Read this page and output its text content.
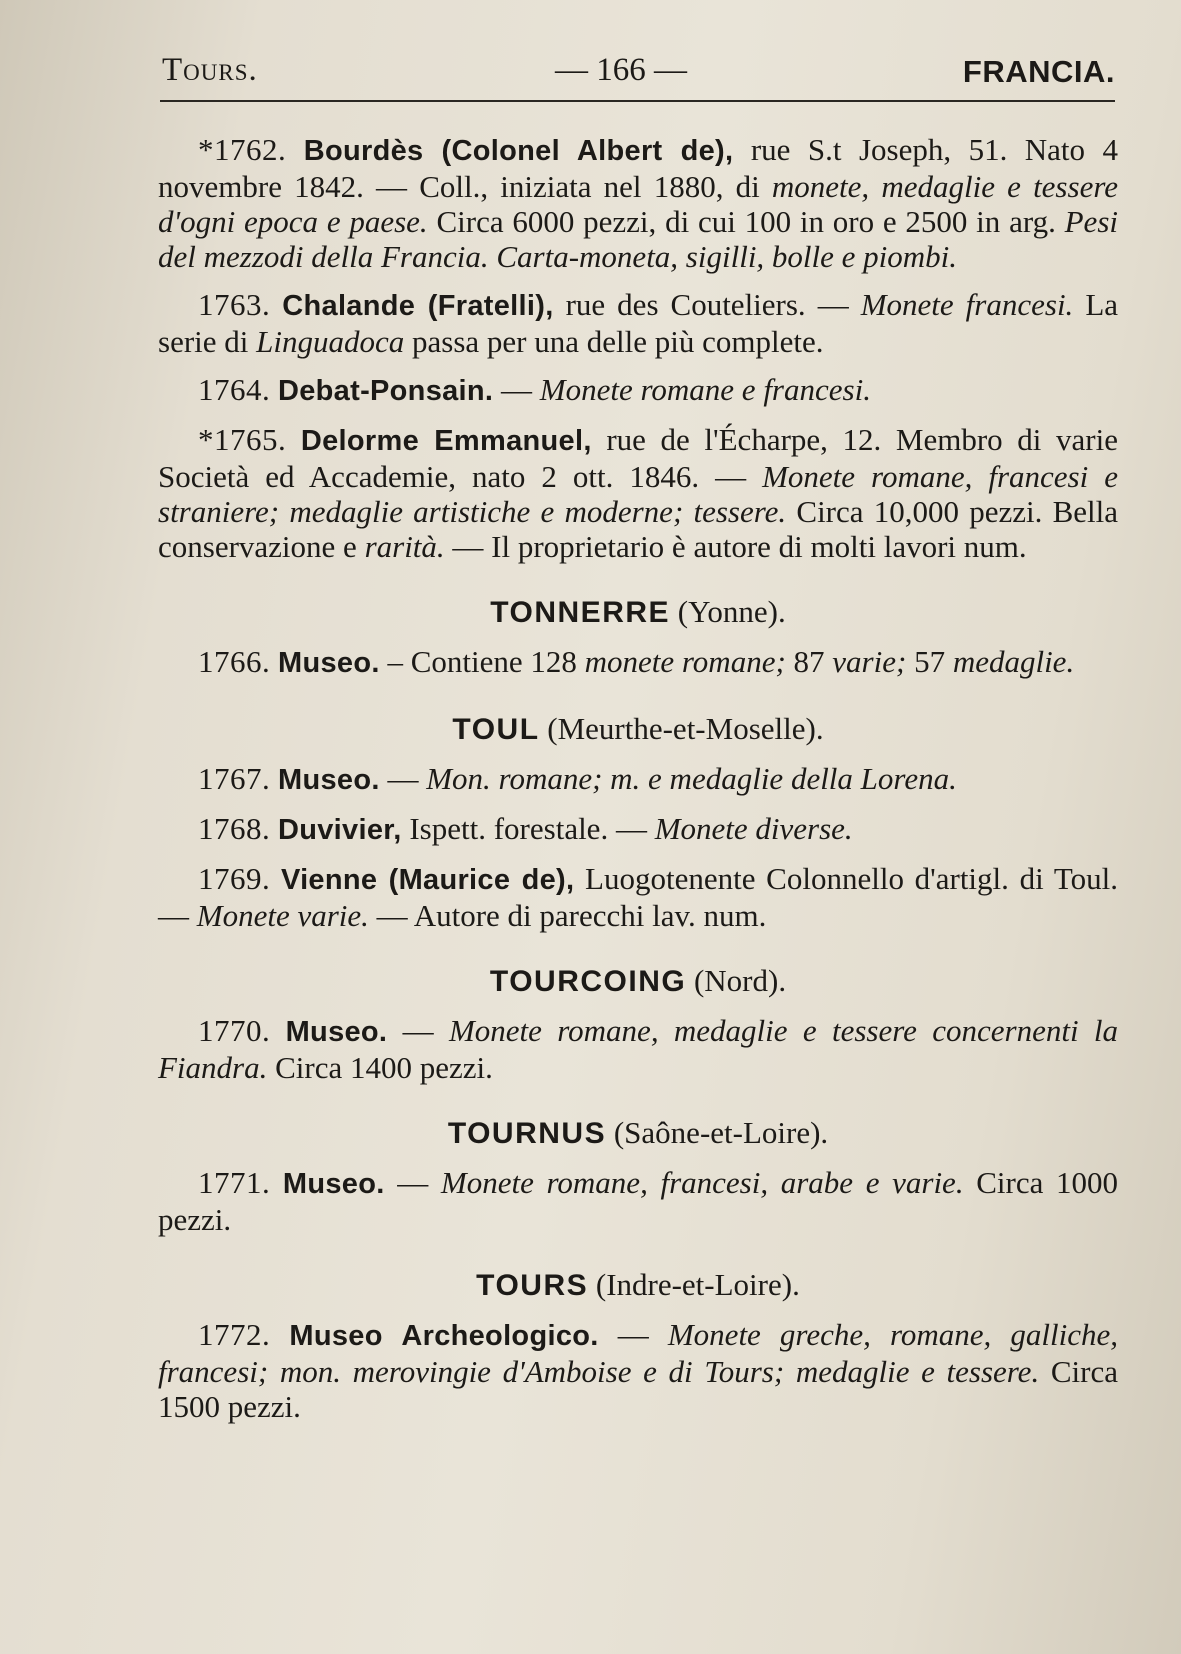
Tours.	— 166 —	FRANCIA.

*1762. Bourdès (Colonel Albert de), rue S.t Joseph, 51. Nato 4 novembre 1842. — Coll., iniziata nel 1880, di monete, medaglie e tessere d'ogni epoca e paese. Circa 6000 pezzi, di cui 100 in oro e 2500 in arg. Pesi del mezzodi della Francia. Carta-moneta, sigilli, bolle e piombi.

1763. Chalande (Fratelli), rue des Couteliers. — Monete francesi. La serie di Linguadoca passa per una delle più complete.

1764. Debat-Ponsain. — Monete romane e francesi.

*1765. Delorme Emmanuel, rue de l'Écharpe, 12. Membro di varie Società ed Accademie, nato 2 ott. 1846. — Monete romane, francesi e straniere; medaglie artistiche e moderne; tessere. Circa 10,000 pezzi. Bella conservazione e rarità. — Il proprietario è autore di molti lavori num.

TONNERRE (Yonne).

1766. Museo. – Contiene 128 monete romane; 87 varie; 57 medaglie.

TOUL (Meurthe-et-Moselle).

1767. Museo. — Mon. romane; m. e medaglie della Lorena.

1768. Duvivier, Ispett. forestale. — Monete diverse.

1769. Vienne (Maurice de), Luogotenente Colonnello d'artigl. di Toul. — Monete varie. — Autore di parecchi lav. num.

TOURCOING (Nord).

1770. Museo. — Monete romane, medaglie e tessere concernenti la Fiandra. Circa 1400 pezzi.

TOURNUS (Saône-et-Loire).

1771. Museo. — Monete romane, francesi, arabe e varie. Circa 1000 pezzi.

TOURS (Indre-et-Loire).

1772. Museo Archeologico. — Monete greche, romane, galliche, francesi; mon. merovingie d'Amboise e di Tours; medaglie e tessere. Circa 1500 pezzi.
